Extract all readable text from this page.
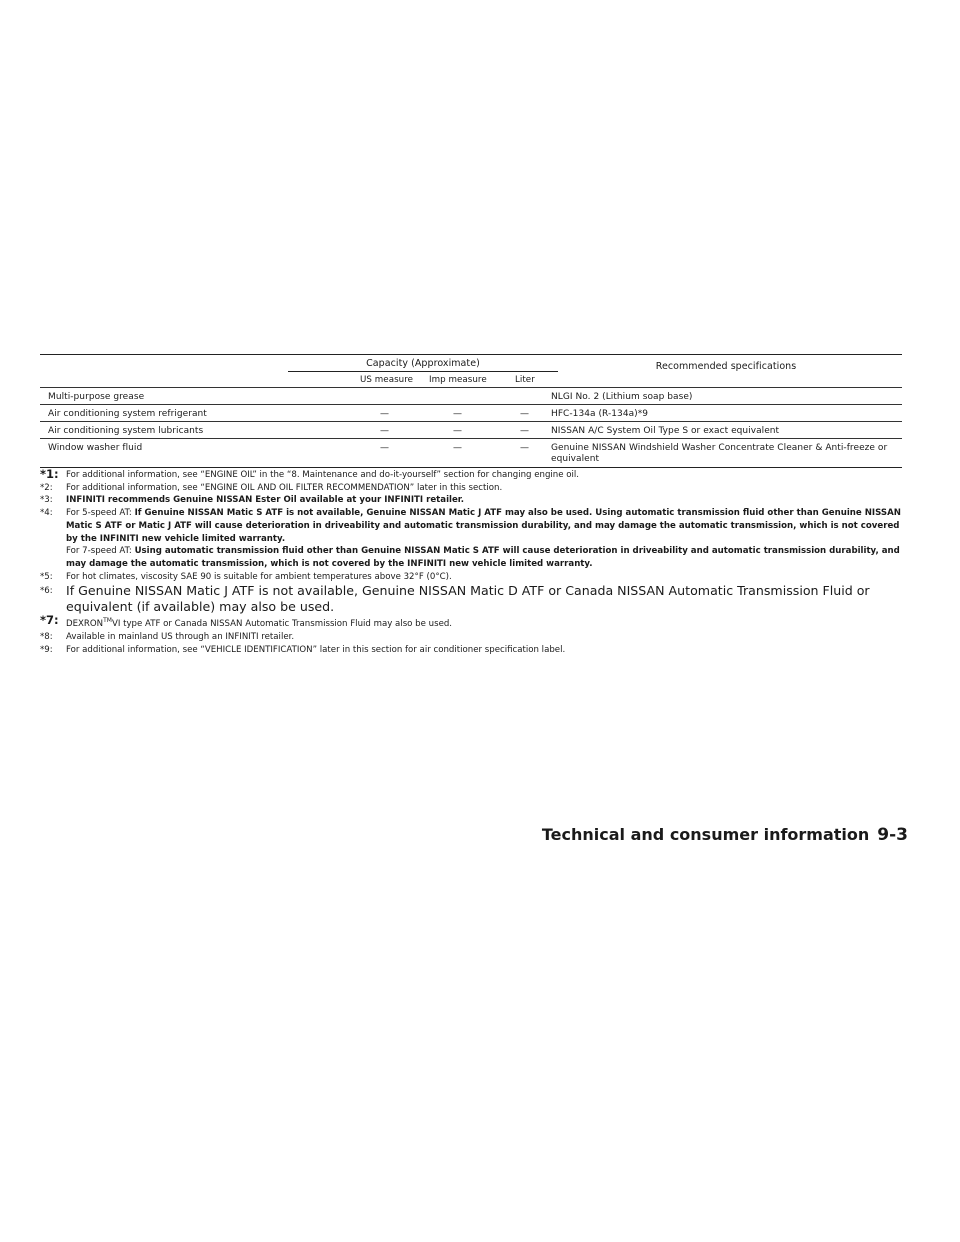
Capacity (Approximate)	Recommended specifications
US measure Imp measure	Liter
Multi-purpose grease	NLGI No. 2 (Lithium soap base)
Air conditioning system refrigerant	—	—	— HFC-134a (R-134a)*9
Air conditioning system lubricants	—	—	— NISSAN A/C System Oil Type S or exact equivalent
Window washer fluid	—	—	— Genuine NISSAN Windshield Washer Concentrate Cleaner & Anti-freeze or equivalent
*1: For additional information, see “ENGINE OIL” in the “8. Maintenance and do-it-yourself” section for changing engine oil.
*2: For additional information, see “ENGINE OIL AND OIL FILTER RECOMMENDATION” later in this section.
*3: INFINITI recommends Genuine NISSAN Ester Oil available at your INFINITI retailer.
*4: For 5-speed AT: If Genuine NISSAN Matic S ATF is not available, Genuine NISSAN Matic J ATF may also be used. Using automatic transmission fluid other than Genuine NISSAN Matic S ATF or Matic J ATF will cause deterioration in driveability and automatic transmission durability, and may damage the automatic transmission, which is not covered by the INFINITI new vehicle limited warranty.
For 7-speed AT: Using automatic transmission fluid other than Genuine NISSAN Matic S ATF will cause deterioration in driveability and automatic transmission durability, and may damage the automatic transmission, which is not covered by the INFINITI new vehicle limited warranty.
*5: For hot climates, viscosity SAE 90 is suitable for ambient temperatures above 32°F (0°C).
*6: If Genuine NISSAN Matic J ATF is not available, Genuine NISSAN Matic D ATF or Canada NISSAN Automatic Transmission Fluid or equivalent (if available) may also be used.
*7: DEXRON™VI type ATF or Canada NISSAN Automatic Transmission Fluid may also be used.
*8: Available in mainland US through an INFINITI retailer.
*9: For additional information, see “VEHICLE IDENTIFICATION” later in this section for air conditioner specification label.
Technical and consumer information 9-3
